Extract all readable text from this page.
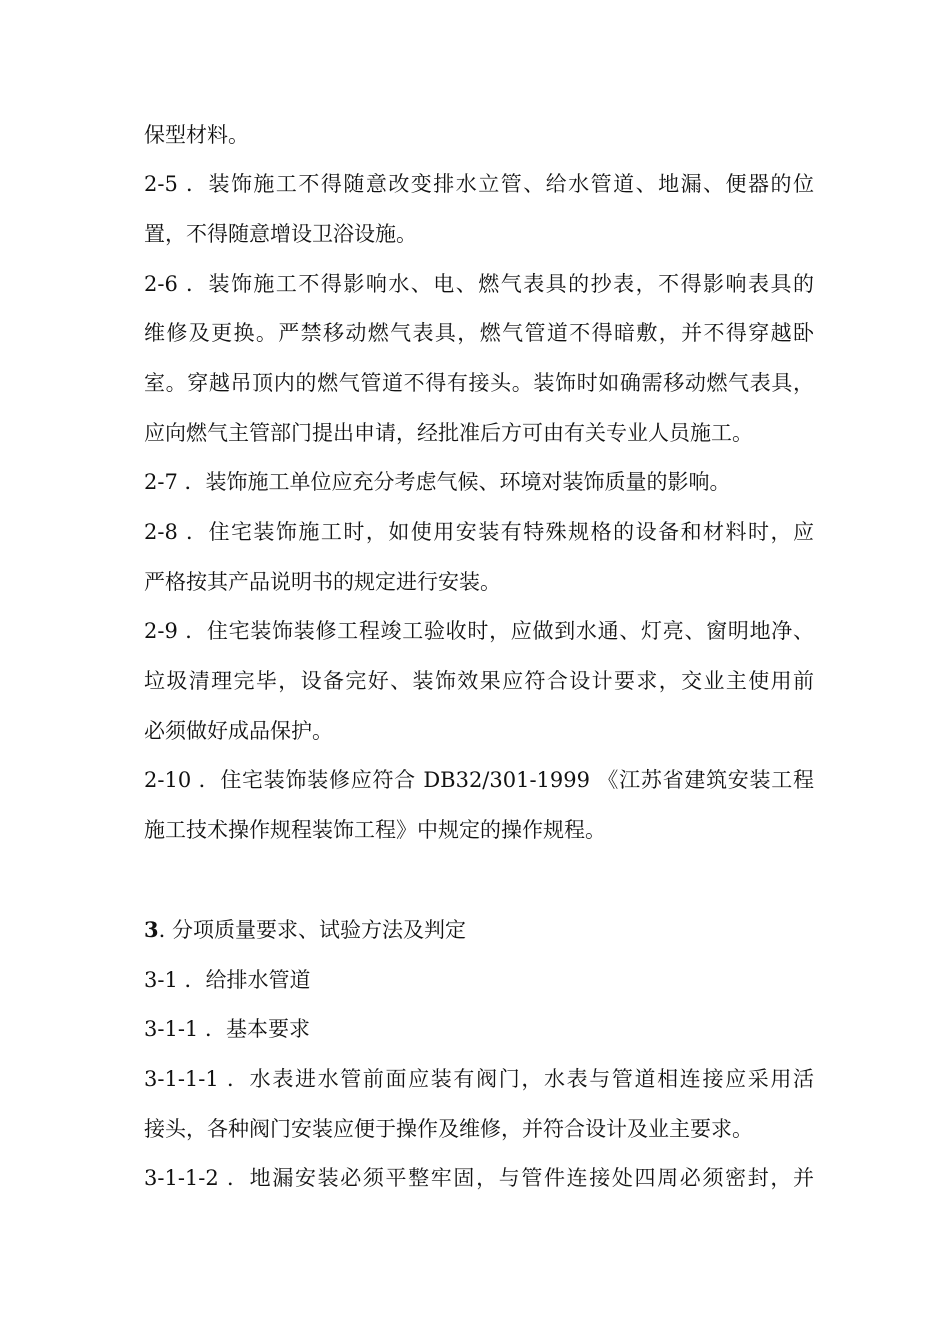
保型材料。
2-5 ．装饰施工不得随意改变排水立管、给水管道、地漏、便器的位
置，不得随意增设卫浴设施。
2-6 ．装饰施工不得影响水、电、燃气表具的抄表，不得影响表具的
维修及更换。严禁移动燃气表具，燃气管道不得暗敷，并不得穿越卧
室。穿越吊顶内的燃气管道不得有接头。装饰时如确需移动燃气表具，
应向燃气主管部门提出申请，经批准后方可由有关专业人员施工。
2-7 ．装饰施工单位应充分考虑气候、环境对装饰质量的影响。
2-8 ．住宅装饰施工时，如使用安装有特殊规格的设备和材料时，应
严格按其产品说明书的规定进行安装。
2-9 ．住宅装饰装修工程竣工验收时，应做到水通、灯亮、窗明地净、
垃圾清理完毕，设备完好、装饰效果应符合设计要求，交业主使用前
必须做好成品保护。
2-10 ．住宅装饰装修应符合 DB32/301-1999 《江苏省建筑安装工程
施工技术操作规程装饰工程》中规定的操作规程。
3. 分项质量要求、试验方法及判定
3-1 ．给排水管道
3-1-1 ．基本要求
3-1-1-1 ．水表进水管前面应装有阀门，水表与管道相连接应采用活
接头，各种阀门安装应便于操作及维修，并符合设计及业主要求。
3-1-1-2 ．地漏安装必须平整牢固，与管件连接处四周必须密封，并
